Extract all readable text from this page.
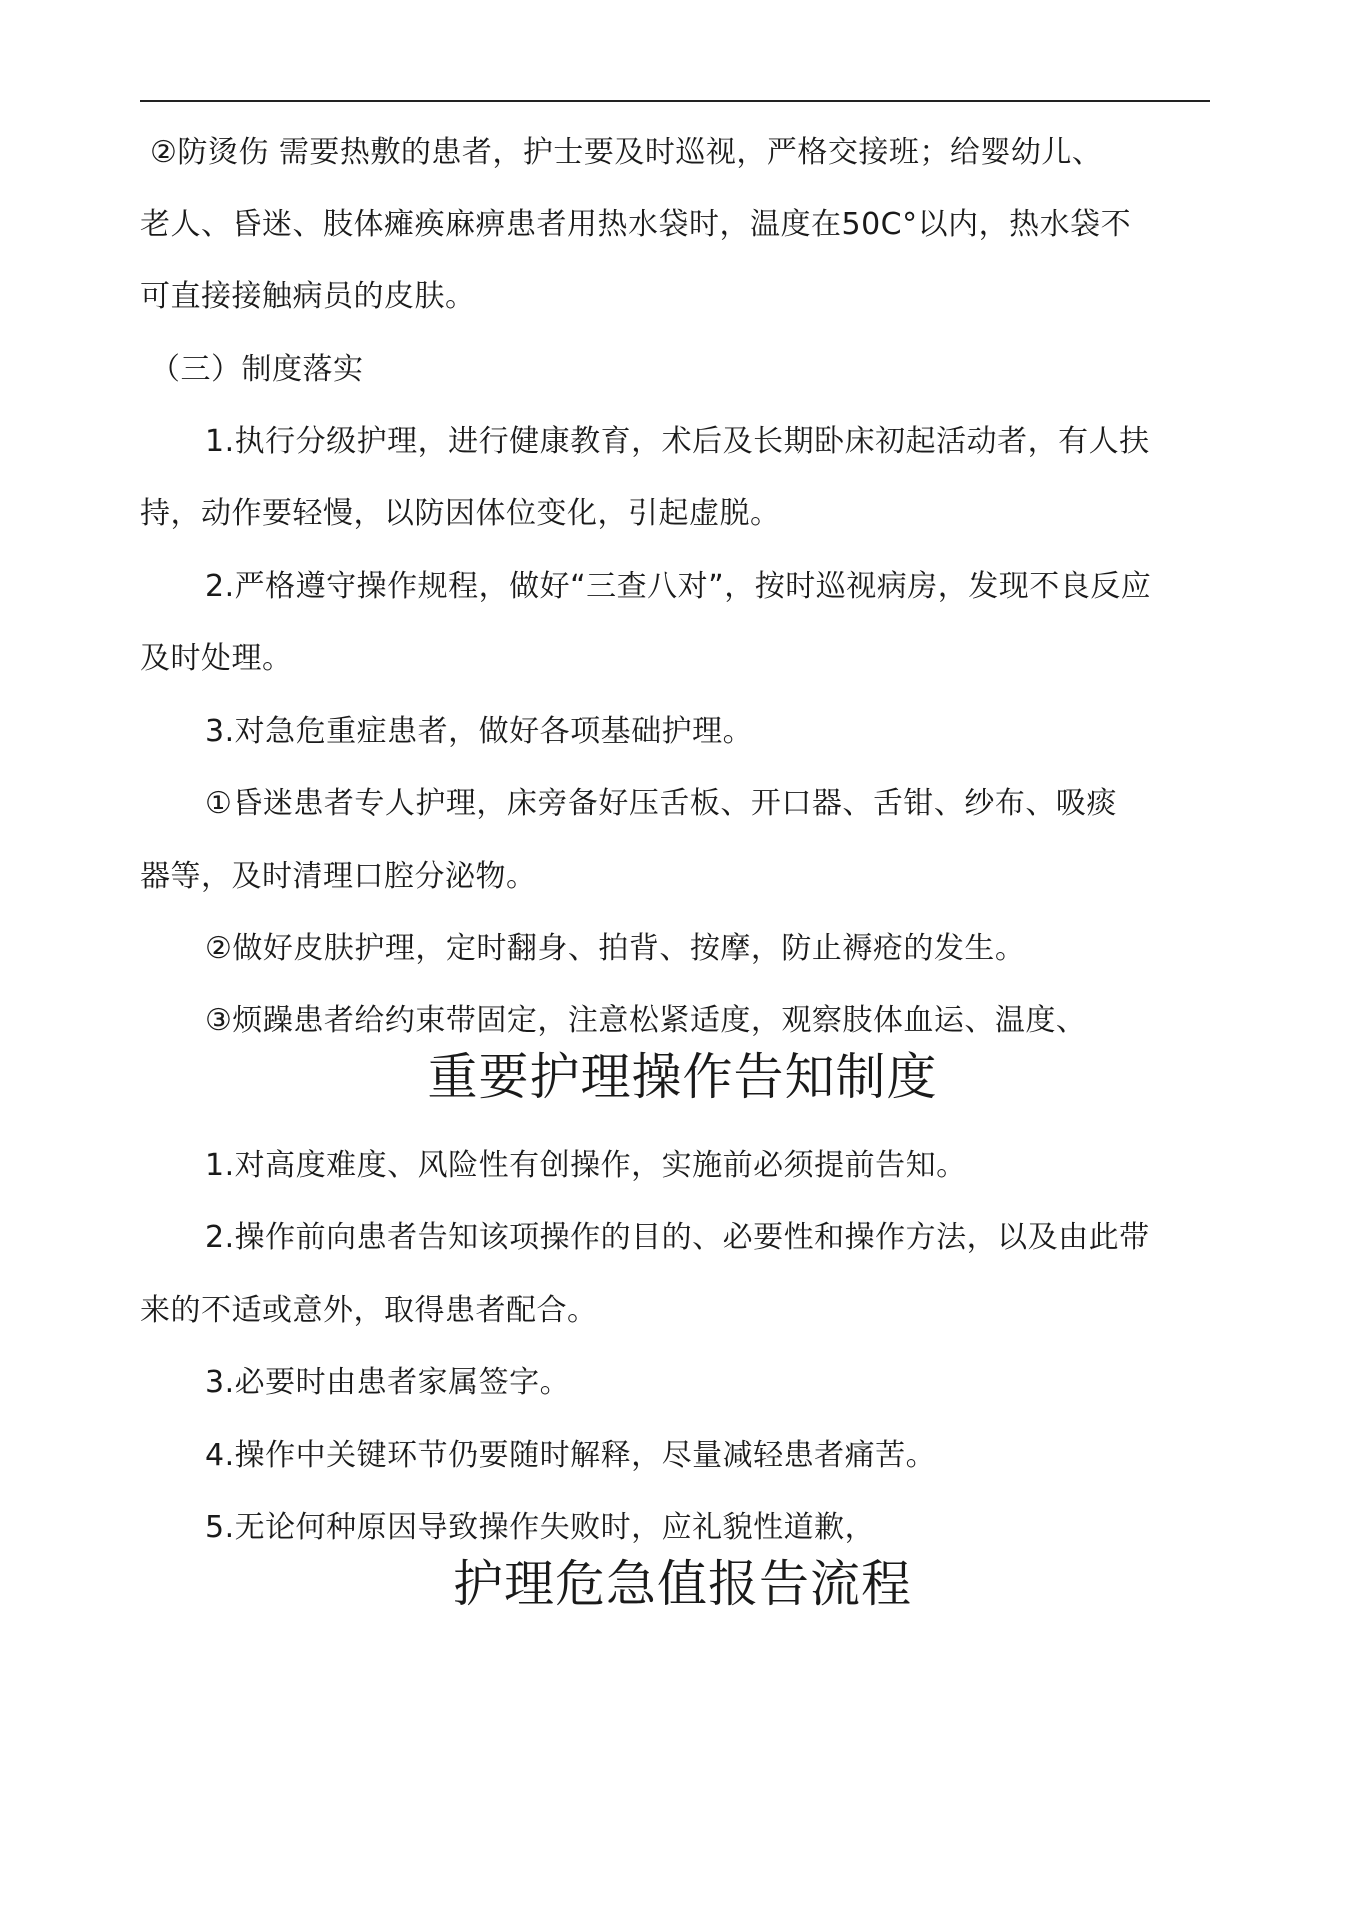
②防烫伤 需要热敷的患者，护士要及时巡视，严格交接班；给婴幼儿、
老人、昏迷、肢体瘫痪麻痹患者用热水袋时，温度在50C°以内，热水袋不
可直接接触病员的皮肤。
（三）制度落实
1.执行分级护理，进行健康教育，术后及长期卧床初起活动者，有人扶
持，动作要轻慢，以防因体位变化，引起虚脱。
2.严格遵守操作规程，做好“三查八对”，按时巡视病房，发现不良反应
及时处理。
3.对急危重症患者，做好各项基础护理。
①昏迷患者专人护理，床旁备好压舌板、开口器、舌钳、纱布、吸痰
器等，及时清理口腔分泌物。
②做好皮肤护理，定时翻身、拍背、按摩，防止褥疮的发生。
③烦躁患者给约束带固定，注意松紧适度，观察肢体血运、温度、
重要护理操作告知制度
1.对高度难度、风险性有创操作，实施前必须提前告知。
2.操作前向患者告知该项操作的目的、必要性和操作方法，以及由此带
来的不适或意外，取得患者配合。
3.必要时由患者家属签字。
4.操作中关键环节仍要随时解释，尽量减轻患者痛苦。
5.无论何种原因导致操作失败时，应礼貌性道歉，
护理危急值报告流程
